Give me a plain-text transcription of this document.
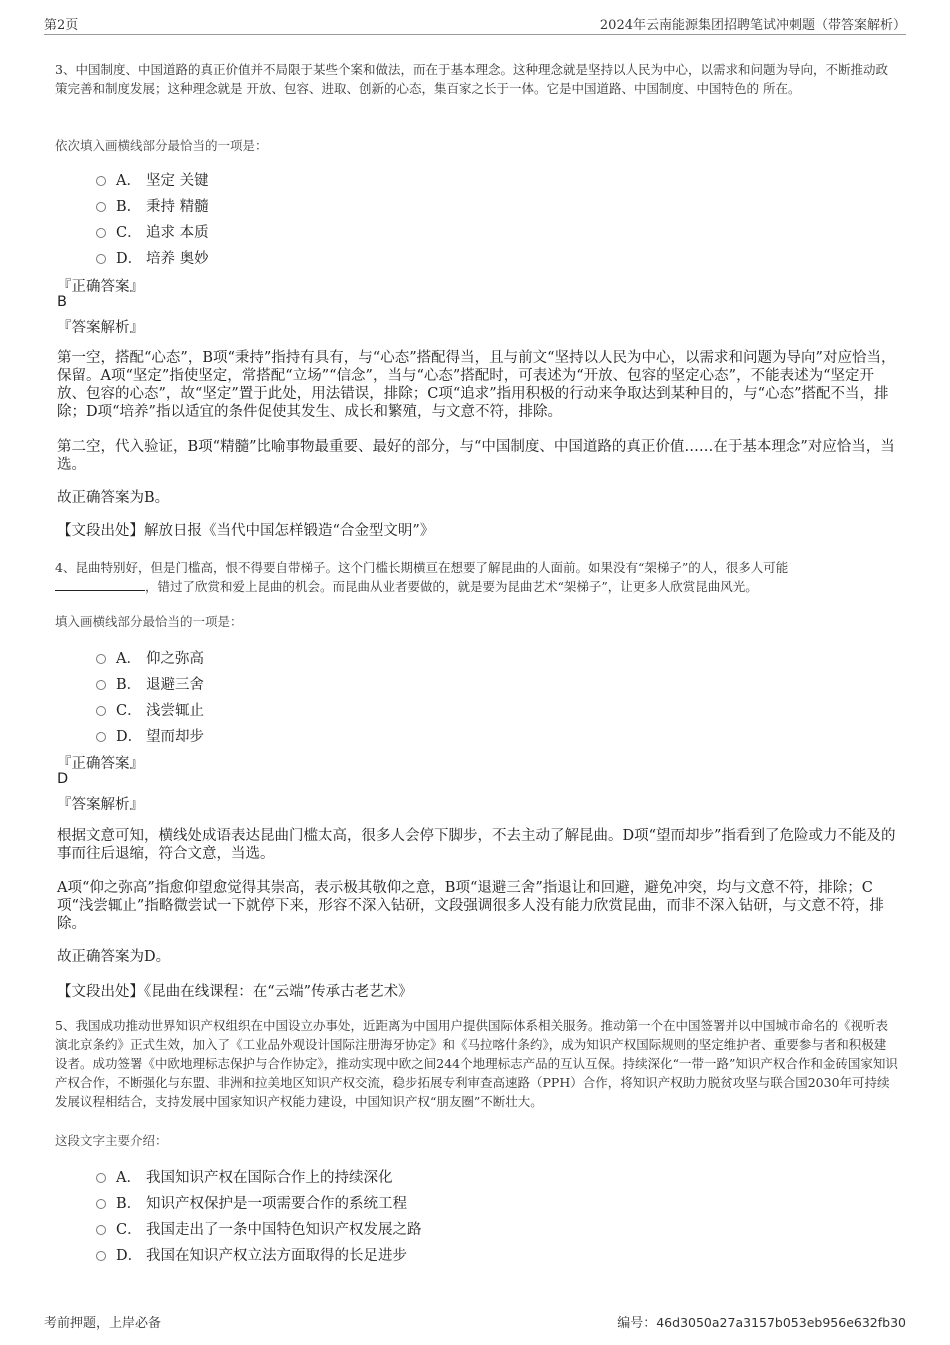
第2页	2024年云南能源集团招聘笔试冲刺题（带答案解析）
3、中国制度、中国道路的真正价值并不局限于某些个案和做法，而在于基本理念。这种理念就是坚持以人民为中心，以需求和问题为导向，不断推动政策完善和制度发展；这种理念就是 开放、包容、进取、创新的心态，集百家之长于一体。它是中国道路、中国制度、中国特色的 所在。
依次填入画横线部分最恰当的一项是：
A． 坚定 关键
B． 秉持 精髓
C． 追求 本质
D． 培养 奥妙
『正确答案』
B
『答案解析』
第一空，搭配“心态”，B项“秉持”指持有具有，与“心态”搭配得当，且与前文“坚持以人民为中心，以需求和问题为导向”对应恰当，保留。A项“坚定”指使坚定，常搭配“立场”“信念”，当与“心态”搭配时，可表述为“开放、包容的坚定心态”，不能表述为“坚定开放、包容的心态”，故“坚定”置于此处，用法错误，排除；C项“追求”指用积极的行动来争取达到某种目的，与“心态”搭配不当，排除；D项“培养”指以适宜的条件促使其发生、成长和繁殖，与文意不符，排除。
第二空，代入验证，B项“精髓”比喻事物最重要、最好的部分，与“中国制度、中国道路的真正价值……在于基本理念”对应恰当，当选。
故正确答案为B。
【文段出处】解放日报《当代中国怎样锻造“合金型文明”》
4、昆曲特别好，但是门槛高，恨不得要自带梯子。这个门槛长期横亘在想要了解昆曲的人面前。如果没有“架梯子”的人，很多人可能
，错过了欣赏和爱上昆曲的机会。而昆曲从业者要做的，就是要为昆曲艺术“架梯子”，让更多人欣赏昆曲风光。
填入画横线部分最恰当的一项是：
A． 仰之弥高
B． 退避三舍
C． 浅尝辄止
D． 望而却步
『正确答案』
D
『答案解析』
根据文意可知，横线处成语表达昆曲门槛太高，很多人会停下脚步，不去主动了解昆曲。D项“望而却步”指看到了危险或力不能及的事而往后退缩，符合文意，当选。
A项“仰之弥高”指愈仰望愈觉得其崇高，表示极其敬仰之意，B项“退避三舍”指退让和回避，避免冲突，均与文意不符，排除；C项“浅尝辄止”指略微尝试一下就停下来，形容不深入钻研，文段强调很多人没有能力欣赏昆曲，而非不深入钻研，与文意不符，排除。
故正确答案为D。
【文段出处】《昆曲在线课程：在“云端”传承古老艺术》
5、我国成功推动世界知识产权组织在中国设立办事处，近距离为中国用户提供国际体系相关服务。推动第一个在中国签署并以中国城市命名的《视听表演北京条约》正式生效，加入了《工业品外观设计国际注册海牙协定》和《马拉喀什条约》，成为知识产权国际规则的坚定维护者、重要参与者和积极建设者。成功签署《中欧地理标志保护与合作协定》，推动实现中欧之间244个地理标志产品的互认互保。持续深化“一带一路”知识产权合作和金砖国家知识产权合作，不断强化与东盟、非洲和拉美地区知识产权交流，稳步拓展专利审查高速路（PPH）合作，将知识产权助力脱贫攻坚与联合国2030年可持续发展议程相结合，支持发展中国家知识产权能力建设，中国知识产权“朋友圈”不断壮大。
这段文字主要介绍：
A． 我国知识产权在国际合作上的持续深化
B． 知识产权保护是一项需要合作的系统工程
C． 我国走出了一条中国特色知识产权发展之路
D． 我国在知识产权立法方面取得的长足进步
考前押题，上岸必备	编号：46d3050a27a3157b053eb956e632fb30
